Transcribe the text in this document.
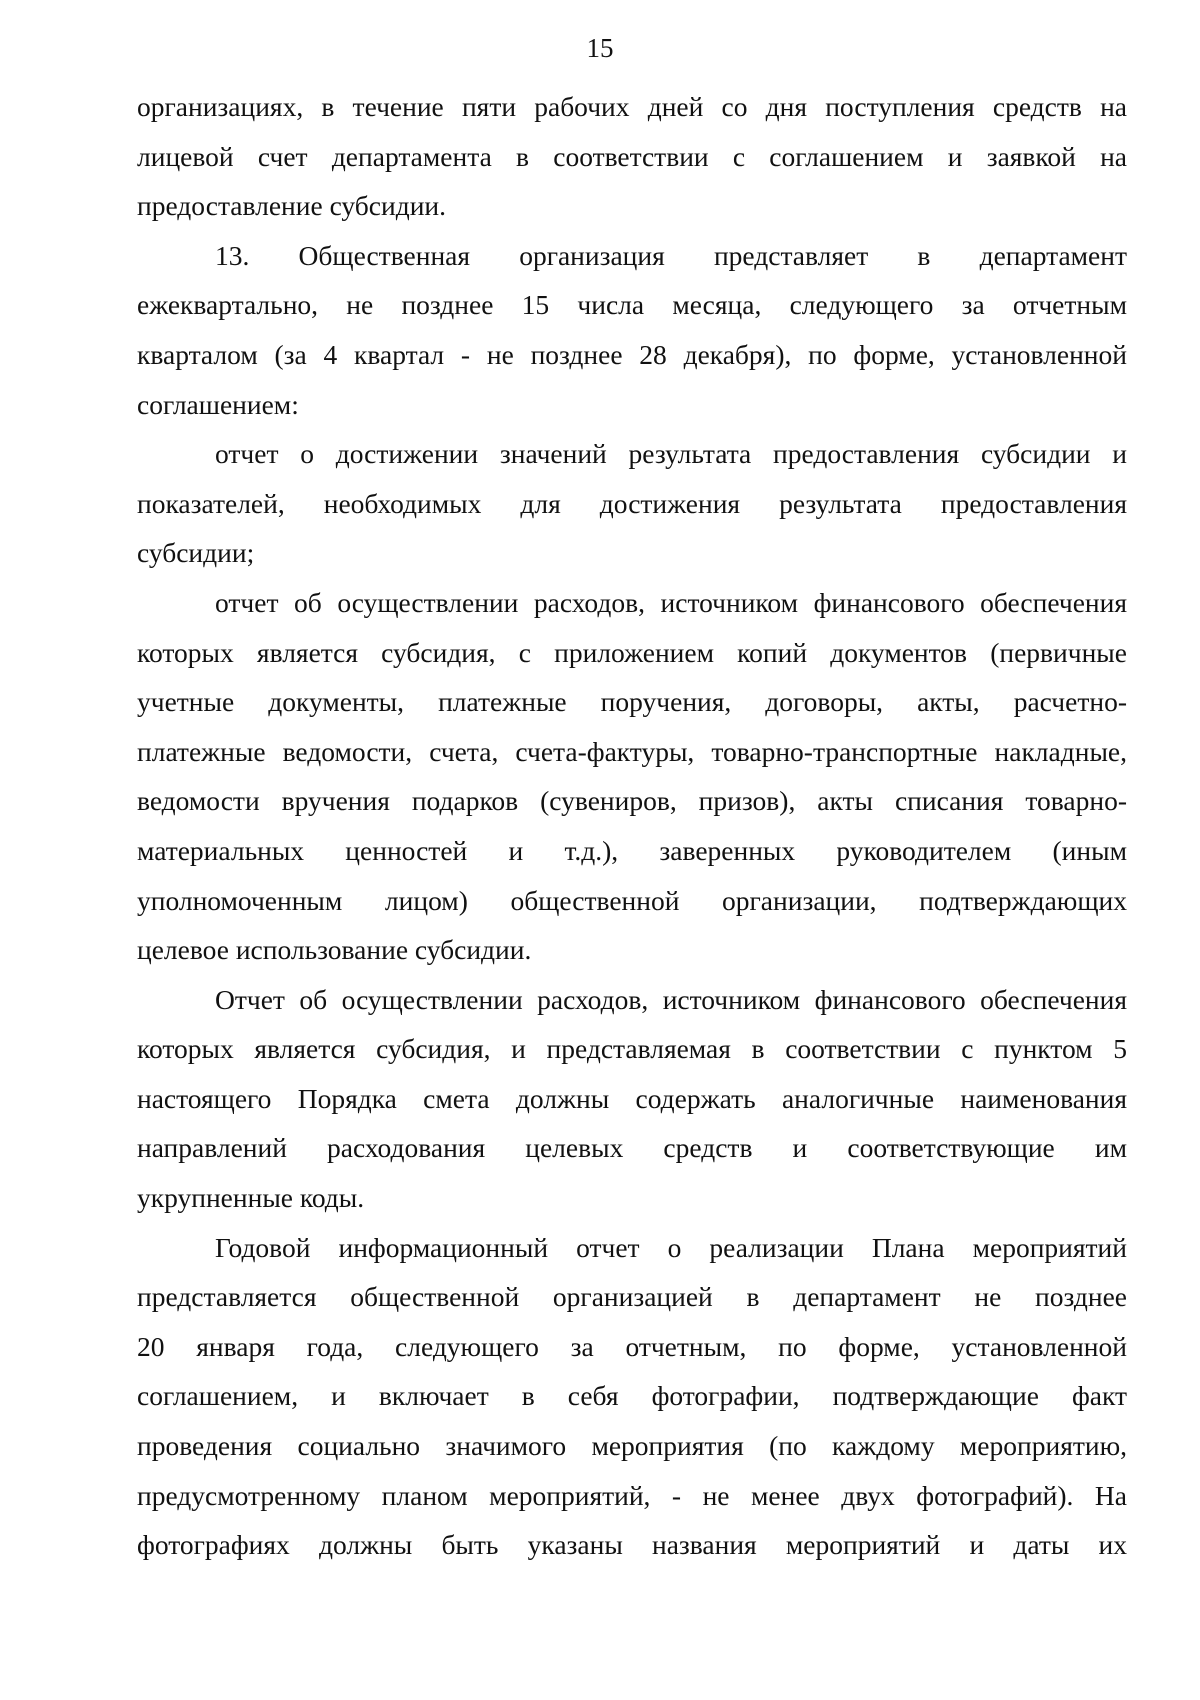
15
организациях, в течение пяти рабочих дней со дня поступления средств на
лицевой счет департамента в соответствии с соглашением и заявкой на
предоставление субсидии.
13. Общественная организация представляет в департамент
ежеквартально, не позднее 15 числа месяца, следующего за отчетным
кварталом (за 4 квартал - не позднее 28 декабря), по форме, установленной
соглашением:
отчет о достижении значений результата предоставления субсидии и
показателей, необходимых для достижения результата предоставления
субсидии;
отчет об осуществлении расходов, источником финансового обеспечения
которых является субсидия, с приложением копий документов (первичные
учетные документы, платежные поручения, договоры, акты, расчетно-
платежные ведомости, счета, счета-фактуры, товарно-транспортные накладные,
ведомости вручения подарков (сувениров, призов), акты списания товарно-
материальных ценностей и т.д.), заверенных руководителем (иным
уполномоченным лицом) общественной организации, подтверждающих
целевое использование субсидии.
Отчет об осуществлении расходов, источником финансового обеспечения
которых является субсидия, и представляемая в соответствии с пунктом 5
настоящего Порядка смета должны содержать аналогичные наименования
направлений расходования целевых средств и соответствующие им
укрупненные коды.
Годовой информационный отчет о реализации Плана мероприятий
представляется общественной организацией в департамент не позднее
20 января года, следующего за отчетным, по форме, установленной
соглашением, и включает в себя фотографии, подтверждающие факт
проведения социально значимого мероприятия (по каждому мероприятию,
предусмотренному планом мероприятий, - не менее двух фотографий). На
фотографиях должны быть указаны названия мероприятий и даты их
